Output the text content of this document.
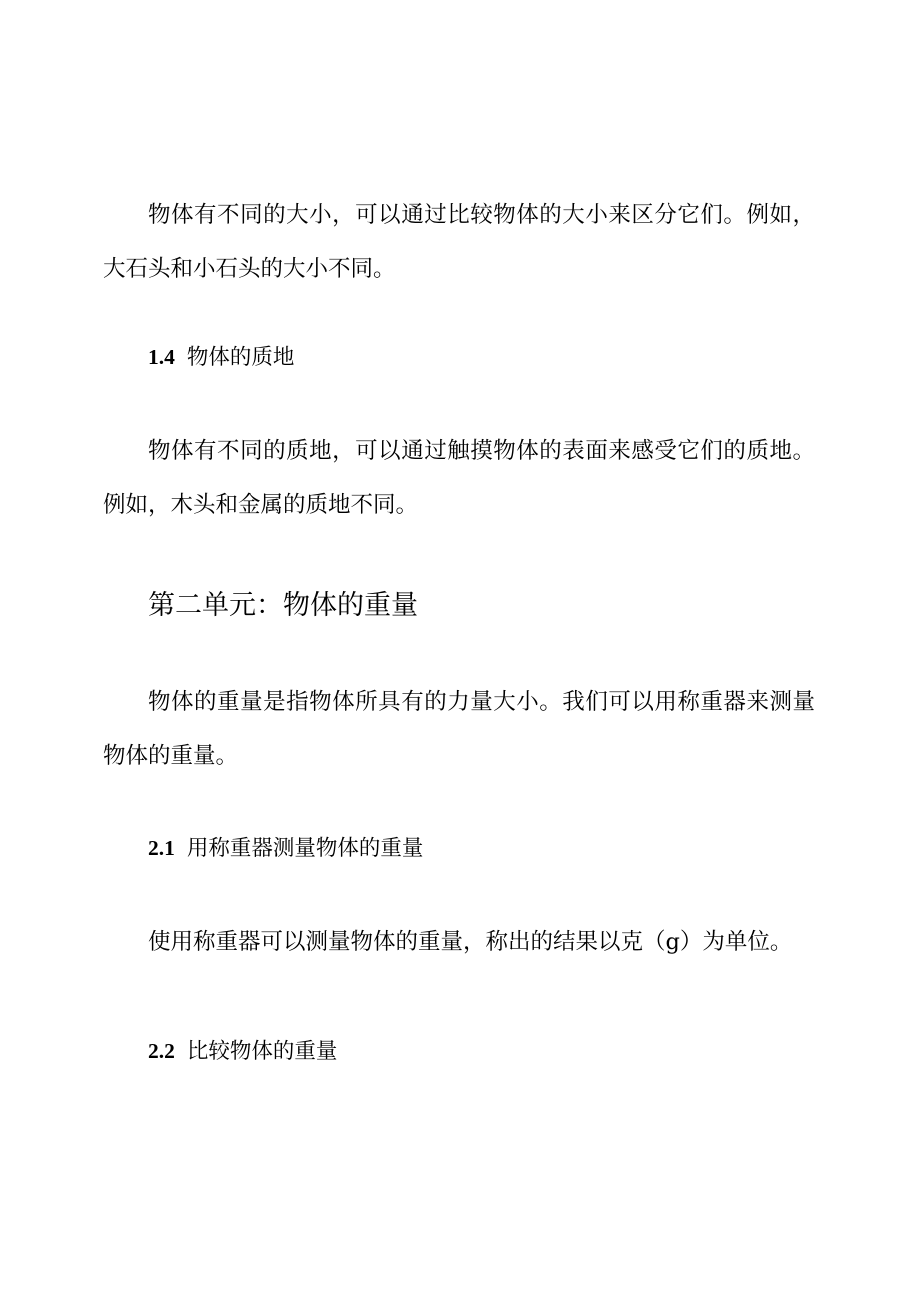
物体有不同的大小，可以通过比较物体的大小来区分它们。例如，大石头和小石头的大小不同。

1.4 物体的质地

物体有不同的质地，可以通过触摸物体的表面来感受它们的质地。例如，木头和金属的质地不同。

第二单元：物体的重量

物体的重量是指物体所具有的力量大小。我们可以用称重器来测量物体的重量。

2.1 用称重器测量物体的重量

使用称重器可以测量物体的重量，称出的结果以克（g）为单位。

2.2 比较物体的重量
